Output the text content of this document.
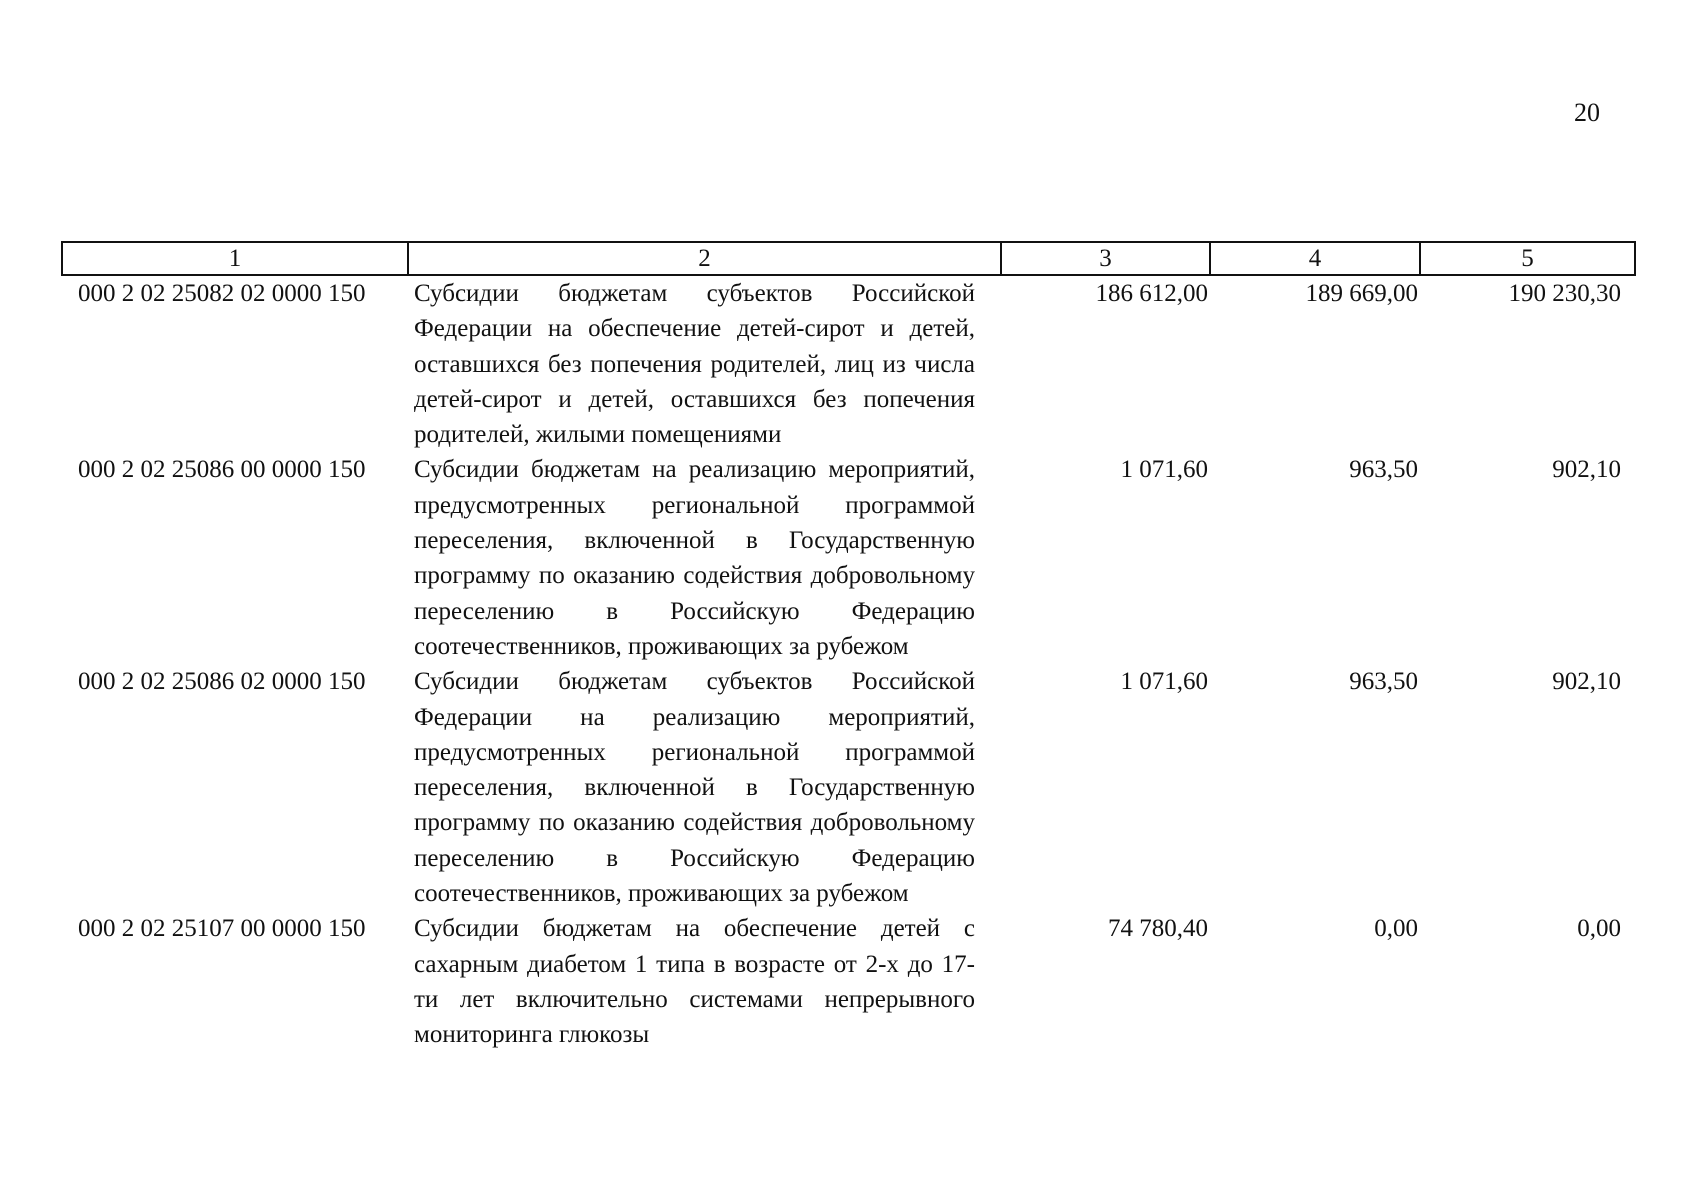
20
1	2	3	4	5
000 2 02 25082 02 0000 150	Субсидии бюджетам субъектов Российской Федерации на обеспечение детей-сирот и детей, оставшихся без попечения родителей, лиц из числа детей-сирот и детей, оставшихся без попечения родителей, жилыми помещениями	186 612,00	189 669,00	190 230,30
000 2 02 25086 00 0000 150	Субсидии бюджетам на реализацию мероприятий, предусмотренных региональной программой переселения, включенной в Государственную программу по оказанию содействия добровольному переселению в Российскую Федерацию соотечественников, проживающих за рубежом	1 071,60	963,50	902,10
000 2 02 25086 02 0000 150	Субсидии бюджетам субъектов Российской Федерации на реализацию мероприятий, предусмотренных региональной программой переселения, включенной в Государственную программу по оказанию содействия добровольному переселению в Российскую Федерацию соотечественников, проживающих за рубежом	1 071,60	963,50	902,10
000 2 02 25107 00 0000 150	Субсидии бюджетам на обеспечение детей с сахарным диабетом 1 типа в возрасте от 2-х до 17-ти лет включительно системами непрерывного мониторинга глюкозы	74 780,40	0,00	0,00
